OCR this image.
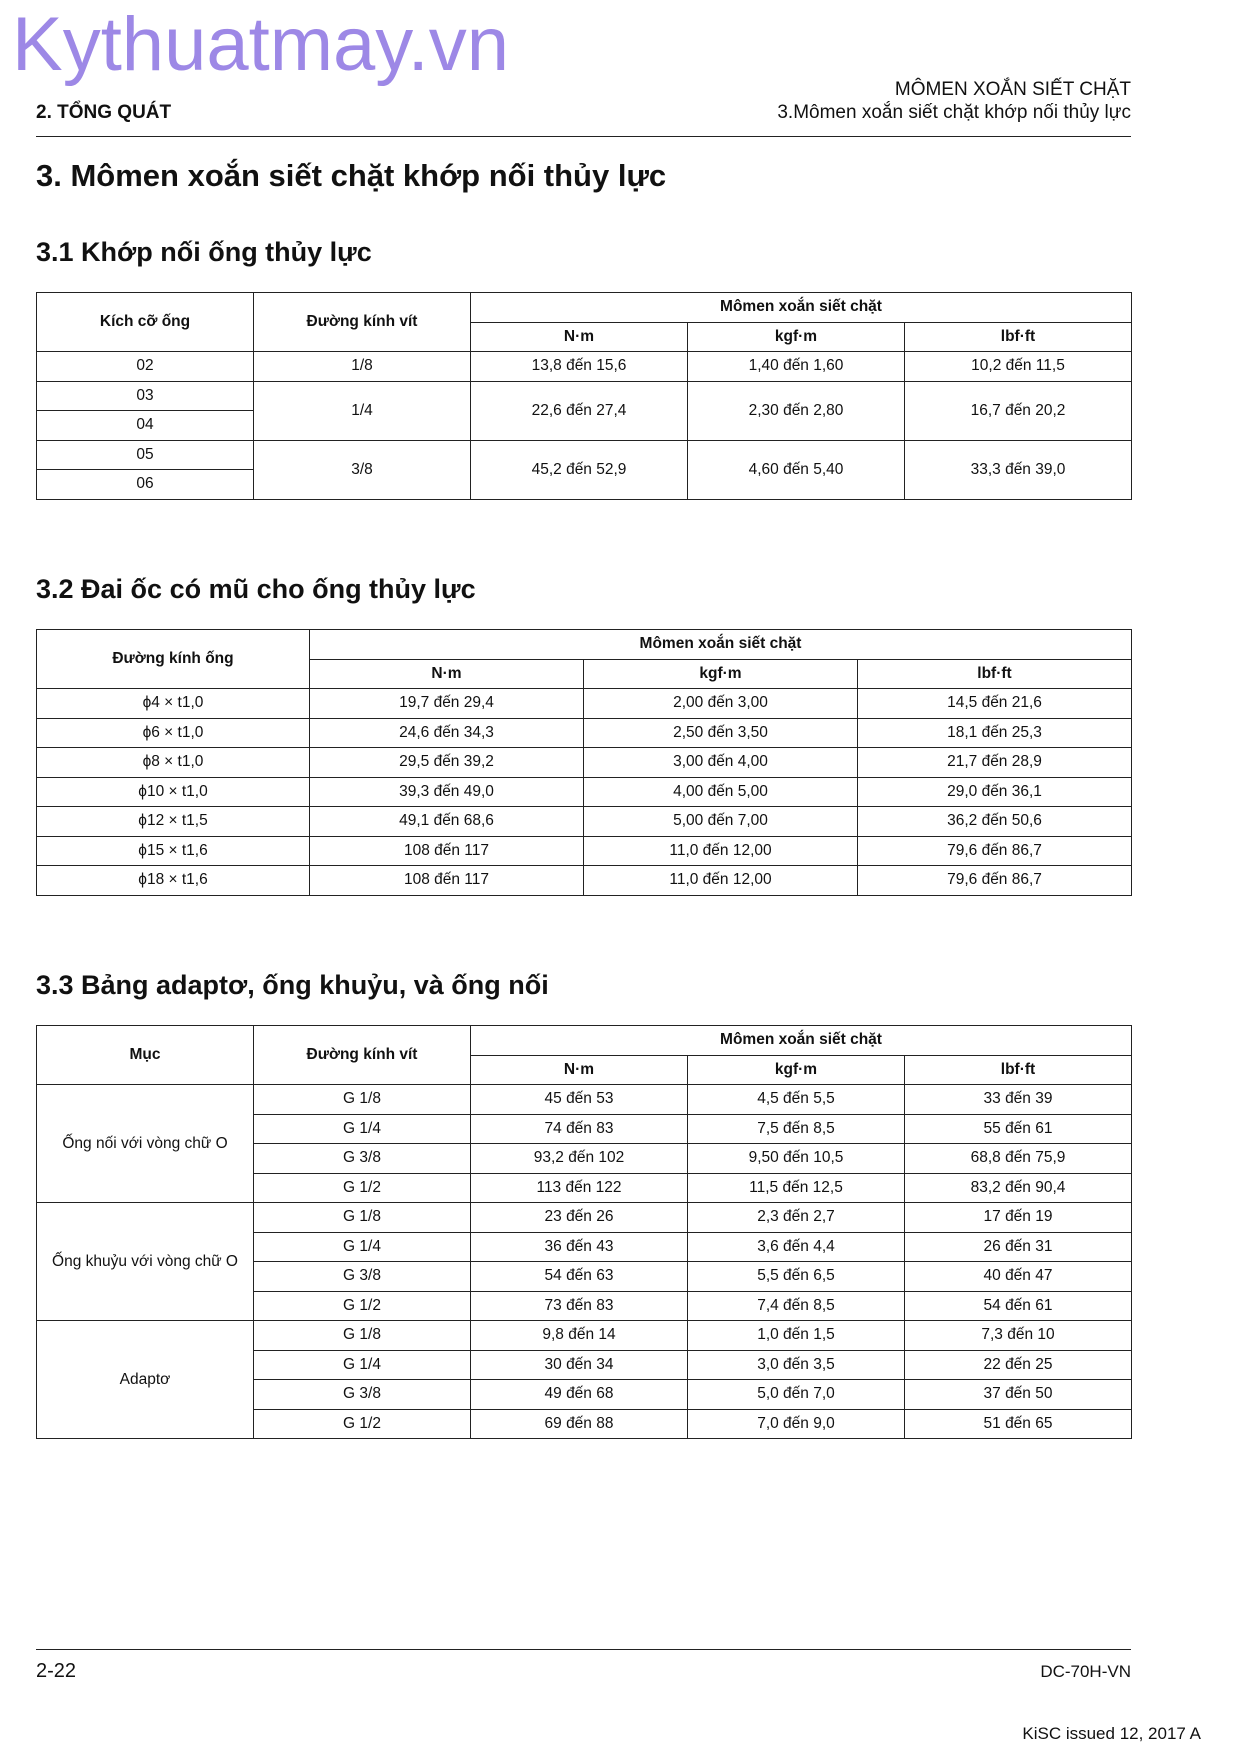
Kythuatmay.vn
2. TỔNG QUÁT
MÔMEN XOẮN SIẾT CHẶT
3.Mômen xoắn siết chặt khớp nối thủy lực
3. Mômen xoắn siết chặt khớp nối thủy lực
3.1 Khớp nối ống thủy lực
Kích cỡ ống	Đường kính vít	Mômen xoắn siết chặt		
		N·m	kgf·m	lbf·ft
02	1/8	13,8 đến 15,6	1,40 đến 1,60	10,2 đến 11,5
03	1/4	22,6 đến 27,4	2,30 đến 2,80	16,7 đến 20,2
04				
05	3/8	45,2 đến 52,9	4,60 đến 5,40	33,3 đến 39,0
06				
3.2 Đai ốc có mũ cho ống thủy lực
Đường kính ống	Mômen xoắn siết chặt		
	N·m	kgf·m	lbf·ft
ϕ4 × t1,0	19,7 đến 29,4	2,00 đến 3,00	14,5 đến 21,6
ϕ6 × t1,0	24,6 đến 34,3	2,50 đến 3,50	18,1 đến 25,3
ϕ8 × t1,0	29,5 đến 39,2	3,00 đến 4,00	21,7 đến 28,9
ϕ10 × t1,0	39,3 đến 49,0	4,00 đến 5,00	29,0 đến 36,1
ϕ12 × t1,5	49,1 đến 68,6	5,00 đến 7,00	36,2 đến 50,6
ϕ15 × t1,6	108 đến 117	11,0 đến 12,00	79,6 đến 86,7
ϕ18 × t1,6	108 đến 117	11,0 đến 12,00	79,6 đến 86,7
3.3 Bảng adaptơ, ống khuỷu, và ống nối
Mục	Đường kính vít	Mômen xoắn siết chặt		
		N·m	kgf·m	lbf·ft
Ống nối với vòng chữ O	G 1/8	45 đến 53	4,5 đến 5,5	33 đến 39
	G 1/4	74 đến 83	7,5 đến 8,5	55 đến 61
	G 3/8	93,2 đến 102	9,50 đến 10,5	68,8 đến 75,9
	G 1/2	113 đến 122	11,5 đến 12,5	83,2 đến 90,4
Ống khuỷu với vòng chữ O	G 1/8	23 đến 26	2,3 đến 2,7	17 đến 19
	G 1/4	36 đến 43	3,6 đến 4,4	26 đến 31
	G 3/8	54 đến 63	5,5 đến 6,5	40 đến 47
	G 1/2	73 đến 83	7,4 đến 8,5	54 đến 61
Adaptơ	G 1/8	9,8 đến 14	1,0 đến 1,5	7,3 đến 10
	G 1/4	30 đến 34	3,0 đến 3,5	22 đến 25
	G 3/8	49 đến 68	5,0 đến 7,0	37 đến 50
	G 1/2	69 đến 88	7,0 đến 9,0	51 đến 65
2-22	DC-70H-VN
KiSC issued 12, 2017 A
